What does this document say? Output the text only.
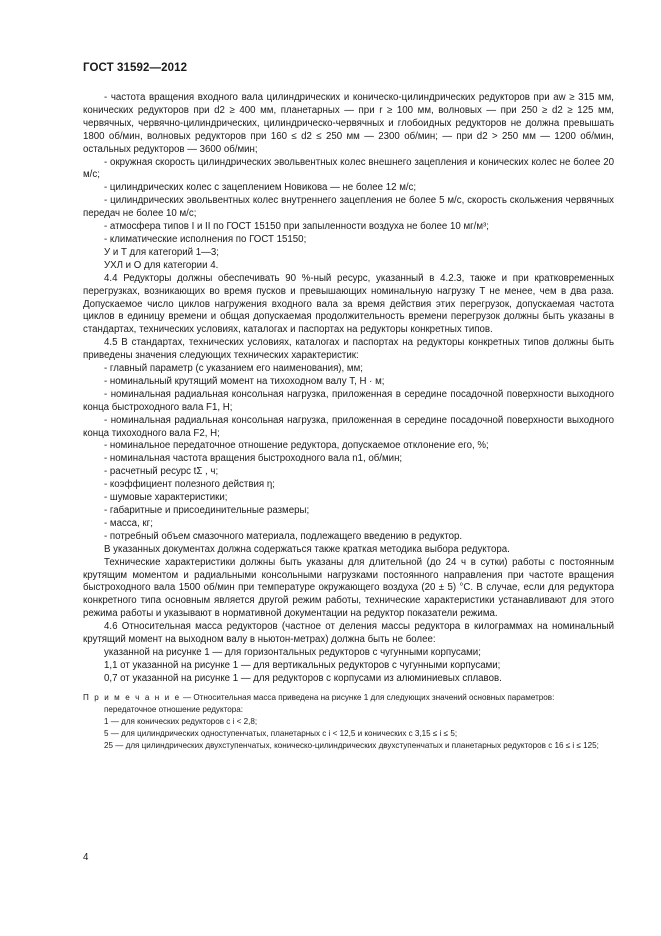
ГОСТ 31592—2012

- частота вращения входного вала цилиндрических и коническо-цилиндрических редукторов при aw ≥ 315 мм, конических редукторов при d2 ≥ 400 мм, планетарных — при r ≥ 100 мм, волновых — при 250 ≥ d2 ≥ 125 мм, червячных, червячно-цилиндрических, цилиндрическо-червячных и глобоидных редукторов не должна превышать 1800 об/мин, волновых редукторов при 160 ≤ d2 ≤ 250 мм — 2300 об/мин; — при d2 > 250 мм — 1200 об/мин, остальных редукторов — 3600 об/мин;

- окружная скорость цилиндрических эвольвентных колес внешнего зацепления и конических колес не более 20 м/с;

- цилиндрических колес с зацеплением Новикова — не более 12 м/с;

- цилиндрических эвольвентных колес внутреннего зацепления не более 5 м/с, скорость скольжения червячных передач не более 10 м/с;

- атмосфера типов I и II по ГОСТ 15150 при запыленности воздуха не более 10 мг/м³;

- климатические исполнения по ГОСТ 15150;

У и Т для категорий 1—3;

УХЛ и О для категории 4.

4.4 Редукторы должны обеспечивать 90 %-ный ресурс, указанный в 4.2.3, также и при кратковременных перегрузках, возникающих во время пусков и превышающих номинальную нагрузку T не менее, чем в два раза. Допускаемое число циклов нагружения входного вала за время действия этих перегрузок, допускаемая частота циклов в единицу времени и общая допускаемая продолжительность времени перегрузок должны быть указаны в стандартах, технических условиях, каталогах и паспортах на редукторы конкретных типов.

4.5 В стандартах, технических условиях, каталогах и паспортах на редукторы конкретных типов должны быть приведены значения следующих технических характеристик:

- главный параметр (с указанием его наименования), мм;

- номинальный крутящий момент на тихоходном валу T, Н · м;

- номинальная радиальная консольная нагрузка, приложенная в середине посадочной поверхности выходного конца быстроходного вала F1, Н;

- номинальная радиальная консольная нагрузка, приложенная в середине посадочной поверхности выходного конца тихоходного вала F2, Н;

- номинальное передаточное отношение редуктора, допускаемое отклонение его, %;

- номинальная частота вращения быстроходного вала n1, об/мин;

- расчетный ресурс tΣ , ч;

- коэффициент полезного действия η;

- шумовые характеристики;

- габаритные и присоединительные размеры;

- масса, кг;

- потребный объем смазочного материала, подлежащего введению в редуктор.

В указанных документах должна содержаться также краткая методика выбора редуктора.

Технические характеристики должны быть указаны для длительной (до 24 ч в сутки) работы с постоянным крутящим моментом и радиальными консольными нагрузками постоянного направления при частоте вращения быстроходного вала 1500 об/мин при температуре окружающего воздуха (20 ± 5) °С. В случае, если для редуктора конкретного типа основным является другой режим работы, технические характеристики устанавливают для этого режима работы и указывают в нормативной документации на редуктор показатели режима.

4.6 Относительная масса редукторов (частное от деления массы редуктора в килограммах на номинальный крутящий момент на выходном валу в ньютон-метрах) должна быть не более:

указанной на рисунке 1 — для горизонтальных редукторов с чугунными корпусами;

1,1 от указанной на рисунке 1 — для вертикальных редукторов с чугунными корпусами;

0,7 от указанной на рисунке 1 — для редукторов с корпусами из алюминиевых сплавов.

П р и м е ч а н и е — Относительная масса приведена на рисунке 1 для следующих значений основных параметров:

передаточное отношение редуктора:

1 — для конических редукторов с i < 2,8;

5 — для цилиндрических одноступенчатых, планетарных с i < 12,5 и конических с 3,15 ≤ i ≤ 5;

25 — для цилиндрических двухступенчатых, коническо-цилиндрических двухступенчатых и планетарных редукторов с 16 ≤ i ≤ 125;

4
